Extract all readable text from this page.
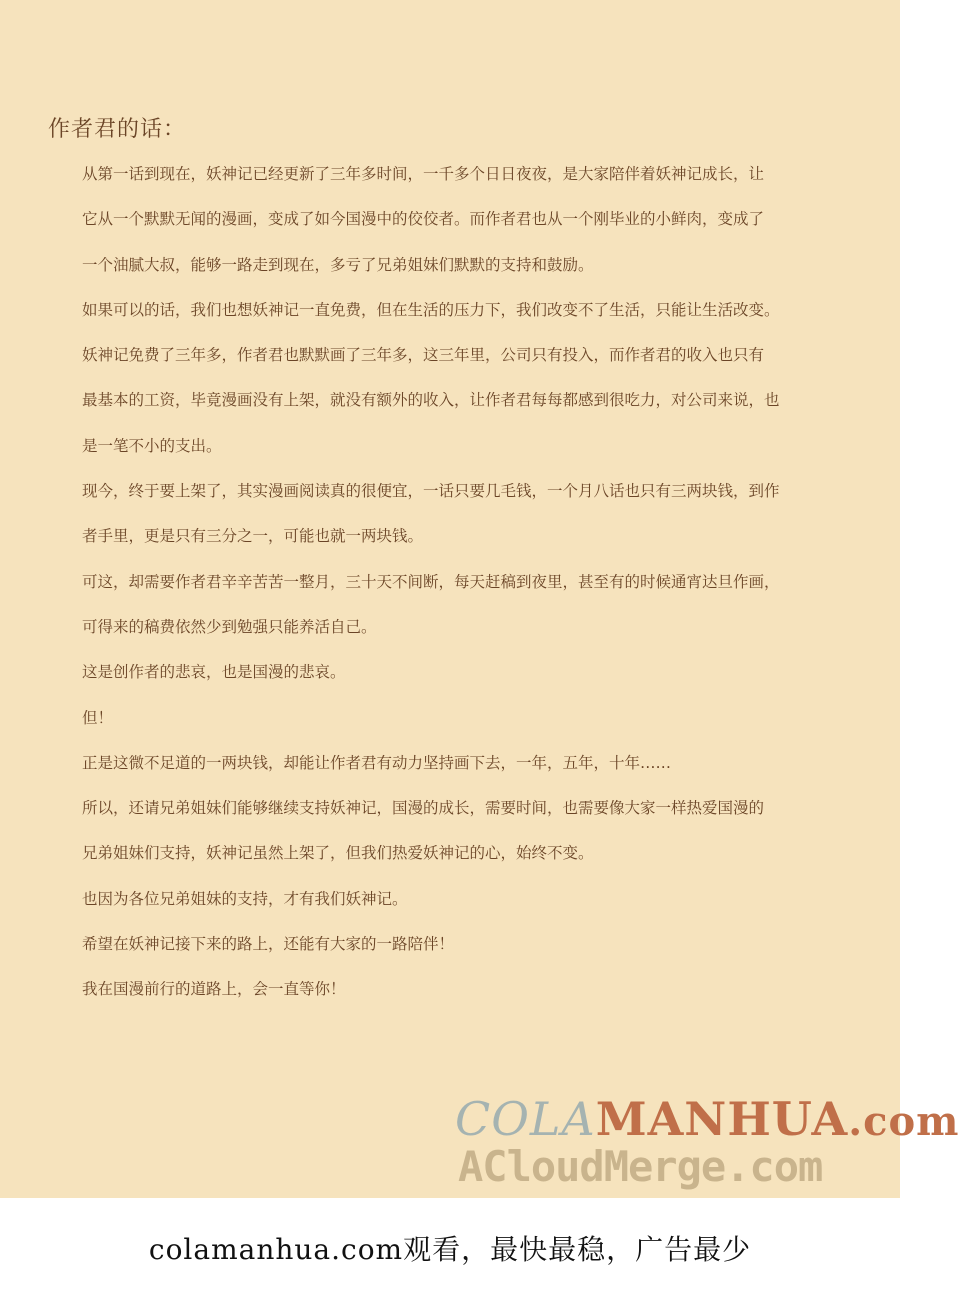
作者君的话：
从第一话到现在，妖神记已经更新了三年多时间，一千多个日日夜夜，是大家陪伴着妖神记成长，让
它从一个默默无闻的漫画，变成了如今国漫中的佼佼者。而作者君也从一个刚毕业的小鲜肉，变成了
一个油腻大叔，能够一路走到现在，多亏了兄弟姐妹们默默的支持和鼓励。
如果可以的话，我们也想妖神记一直免费，但在生活的压力下，我们改变不了生活，只能让生活改变。
妖神记免费了三年多，作者君也默默画了三年多，这三年里，公司只有投入，而作者君的收入也只有
最基本的工资，毕竟漫画没有上架，就没有额外的收入，让作者君每每都感到很吃力，对公司来说，也
是一笔不小的支出。
现今，终于要上架了，其实漫画阅读真的很便宜，一话只要几毛钱，一个月八话也只有三两块钱，到作
者手里，更是只有三分之一，可能也就一两块钱。
可这，却需要作者君辛辛苦苦一整月，三十天不间断，每天赶稿到夜里，甚至有的时候通宵达旦作画，
可得来的稿费依然少到勉强只能养活自己。
这是创作者的悲哀，也是国漫的悲哀。
但！
正是这微不足道的一两块钱，却能让作者君有动力坚持画下去，一年，五年，十年……
所以，还请兄弟姐妹们能够继续支持妖神记，国漫的成长，需要时间，也需要像大家一样热爱国漫的
兄弟姐妹们支持，妖神记虽然上架了，但我们热爱妖神记的心，始终不变。
也因为各位兄弟姐妹的支持，才有我们妖神记。
希望在妖神记接下来的路上，还能有大家的一路陪伴！
我在国漫前行的道路上，会一直等你！
COLAMANHUA.com
ACloudMerge.com
colamanhua.com观看，最快最稳，广告最少
